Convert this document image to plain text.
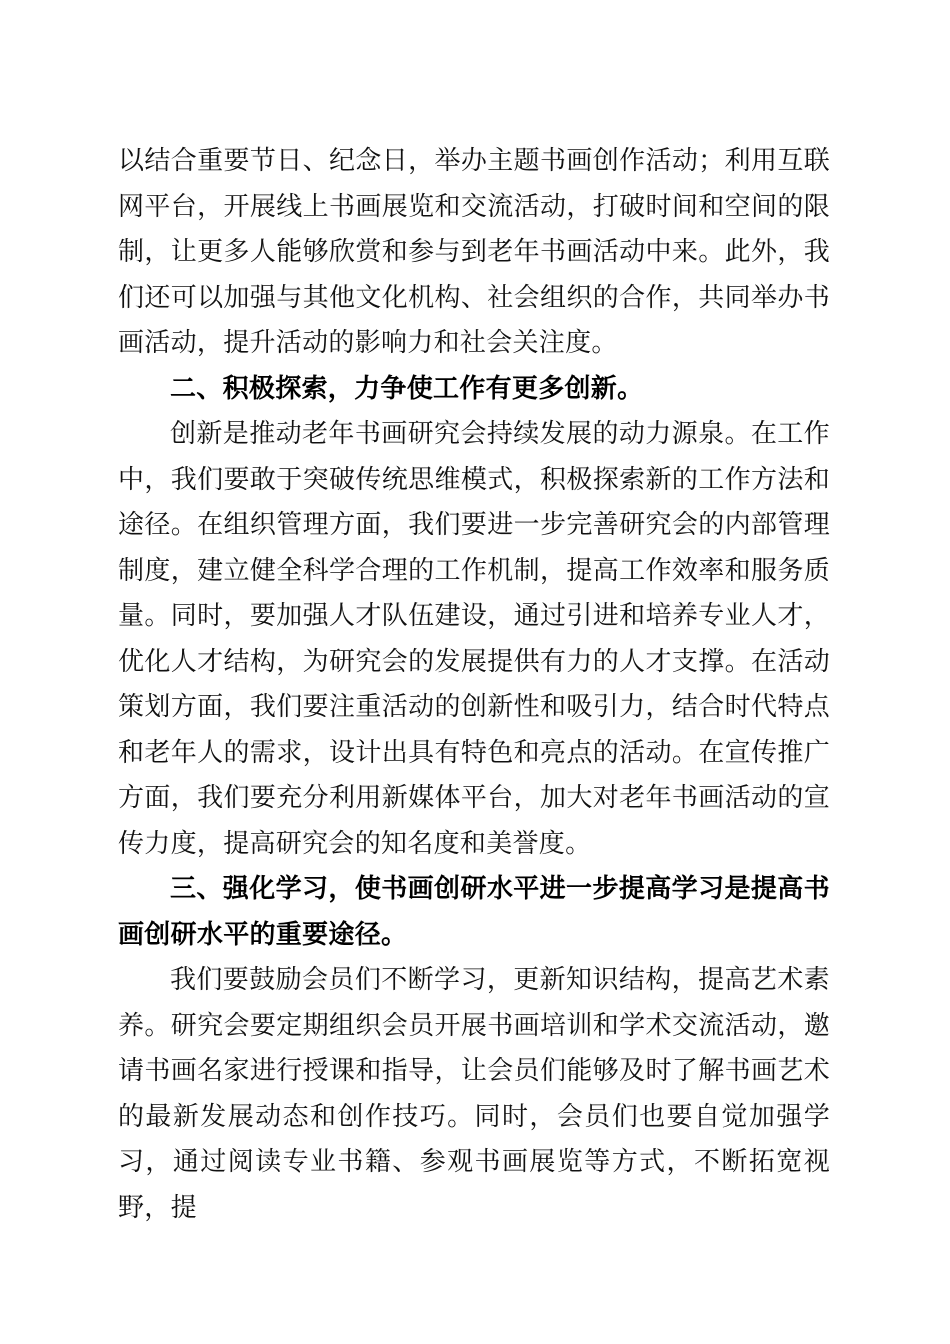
以结合重要节日、纪念日，举办主题书画创作活动；利用互联网平台，开展线上书画展览和交流活动，打破时间和空间的限制，让更多人能够欣赏和参与到老年书画活动中来。此外，我们还可以加强与其他文化机构、社会组织的合作，共同举办书画活动，提升活动的影响力和社会关注度。

二、积极探索，力争使工作有更多创新。

创新是推动老年书画研究会持续发展的动力源泉。在工作中，我们要敢于突破传统思维模式，积极探索新的工作方法和途径。在组织管理方面，我们要进一步完善研究会的内部管理制度，建立健全科学合理的工作机制，提高工作效率和服务质量。同时，要加强人才队伍建设，通过引进和培养专业人才，优化人才结构，为研究会的发展提供有力的人才支撑。在活动策划方面，我们要注重活动的创新性和吸引力，结合时代特点和老年人的需求，设计出具有特色和亮点的活动。在宣传推广方面，我们要充分利用新媒体平台，加大对老年书画活动的宣传力度，提高研究会的知名度和美誉度。

三、强化学习，使书画创研水平进一步提高学习是提高书画创研水平的重要途径。

我们要鼓励会员们不断学习，更新知识结构，提高艺术素养。研究会要定期组织会员开展书画培训和学术交流活动，邀请书画名家进行授课和指导，让会员们能够及时了解书画艺术的最新发展动态和创作技巧。同时，会员们也要自觉加强学习，通过阅读专业书籍、参观书画展览等方式，不断拓宽视野，提
